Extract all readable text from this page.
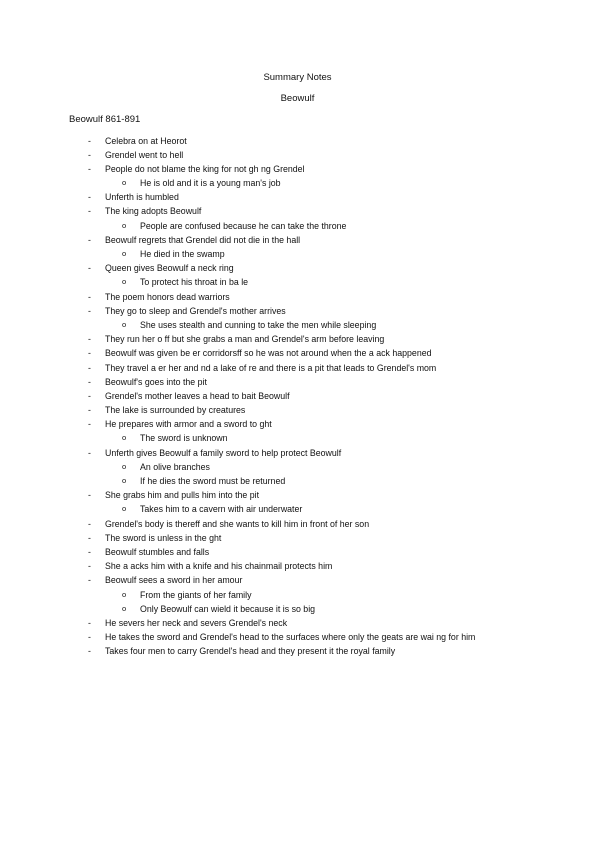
Summary Notes
Beowulf
Beowulf 861-891
- Celebra on at Heorot
- Grendel went to hell
- People do not blame the king for not gh ng Grendel
o He is old and it is a young man's job
- Unferth is humbled
- The king adopts Beowulf
o People are confused because he can take the throne
- Beowulf regrets that Grendel did not die in the hall
o He died in the swamp
- Queen gives Beowulf a neck ring
o To protect his throat in ba le
- The poem honors dead warriors
- They go to sleep and Grendel's mother arrives
o She uses stealth and cunning to take the men while sleeping
- They run her o ff but she grabs a man and Grendel's arm before leaving
- Beowulf was given be er corridorsff so he was not around when the a ack happened
- They travel a er her and nd a lake of re and there is a pit that leads to Grendel's mom
- Beowulf's goes into the pit
- Grendel's mother leaves a head to bait Beowulf
- The lake is surrounded by creatures
- He prepares with armor and a sword to ght
o The sword is unknown
- Unferth gives Beowulf a family sword to help protect Beowulf
o An olive branches
o If he dies the sword must be returned
- She grabs him and pulls him into the pit
o Takes him to a cavern with air underwater
- Grendel's body is thereff and she wants to kill him in front of her son
- The sword is unless in the ght
- Beowulf stumbles and falls
- She a acks him with a knife and his chainmail protects him
- Beowulf sees a sword in her amour
o From the giants of her family
o Only Beowulf can wield it because it is so big
- He severs her neck and severs Grendel's neck
- He takes the sword and Grendel's head to the surfaces where only the geats are wai ng for him
- Takes four men to carry Grendel's head and they present it the royal family
